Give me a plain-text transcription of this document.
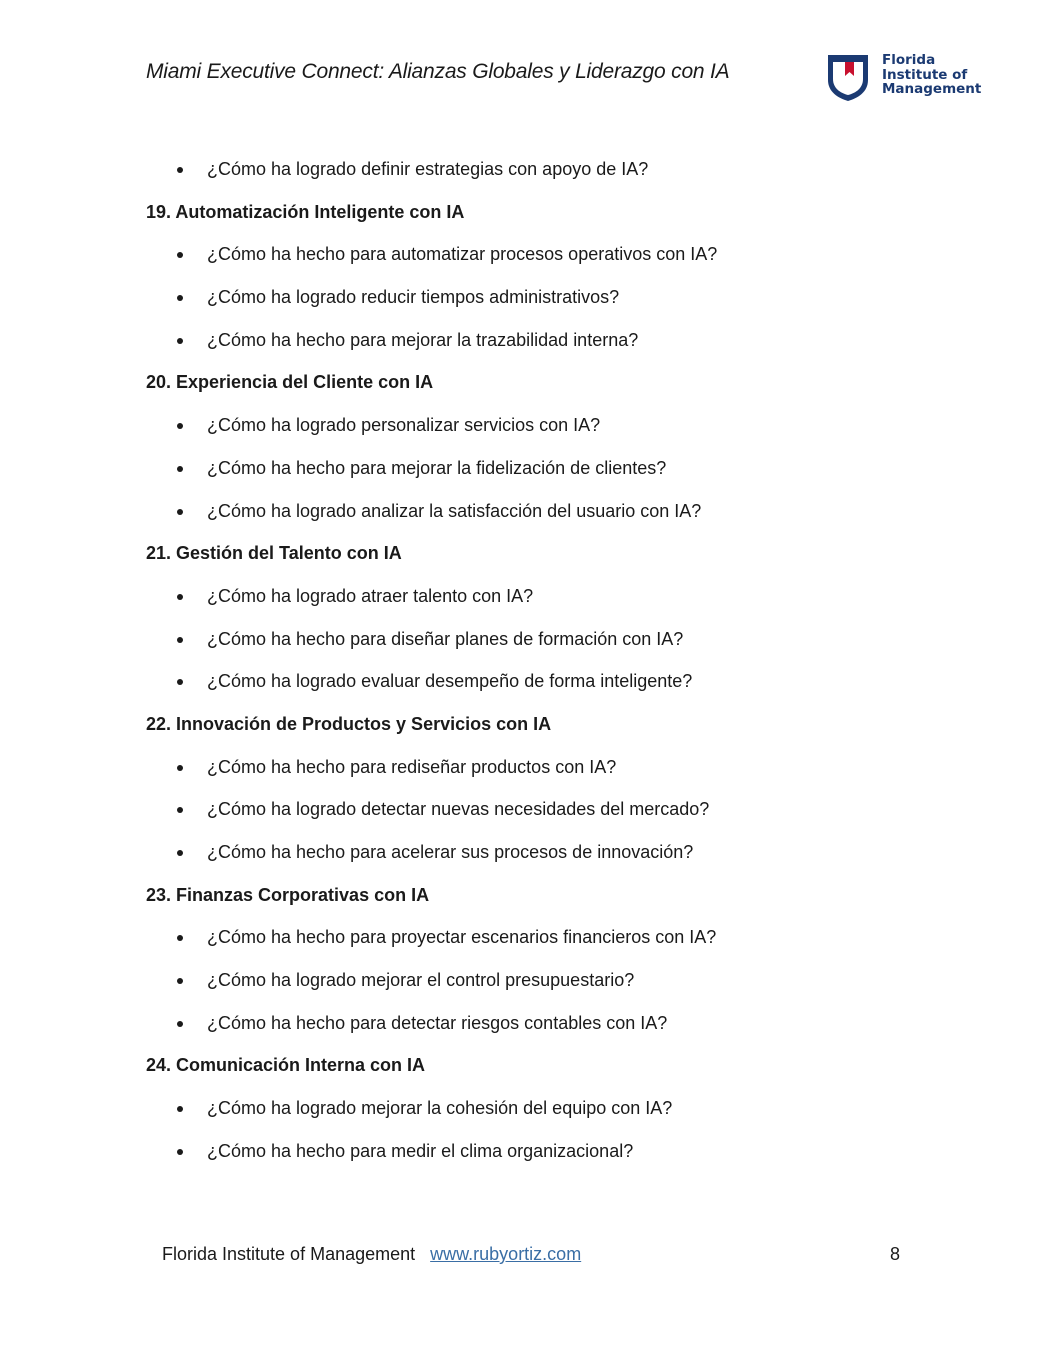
Miami Executive Connect: Alianzas Globales y Liderazgo con IA	Florida
Institute of
Management
¿Cómo ha logrado definir estrategias con apoyo de IA?
19. Automatización Inteligente con IA
¿Cómo ha hecho para automatizar procesos operativos con IA?
¿Cómo ha logrado reducir tiempos administrativos?
¿Cómo ha hecho para mejorar la trazabilidad interna?
20. Experiencia del Cliente con IA
¿Cómo ha logrado personalizar servicios con IA?
¿Cómo ha hecho para mejorar la fidelización de clientes?
¿Cómo ha logrado analizar la satisfacción del usuario con IA?
21. Gestión del Talento con IA
¿Cómo ha logrado atraer talento con IA?
¿Cómo ha hecho para diseñar planes de formación con IA?
¿Cómo ha logrado evaluar desempeño de forma inteligente?
22. Innovación de Productos y Servicios con IA
¿Cómo ha hecho para rediseñar productos con IA?
¿Cómo ha logrado detectar nuevas necesidades del mercado?
¿Cómo ha hecho para acelerar sus procesos de innovación?
23. Finanzas Corporativas con IA
¿Cómo ha hecho para proyectar escenarios financieros con IA?
¿Cómo ha logrado mejorar el control presupuestario?
¿Cómo ha hecho para detectar riesgos contables con IA?
24. Comunicación Interna con IA
¿Cómo ha logrado mejorar la cohesión del equipo con IA?
¿Cómo ha hecho para medir el clima organizacional?
Florida Institute of Management www.rubyortiz.com	8
